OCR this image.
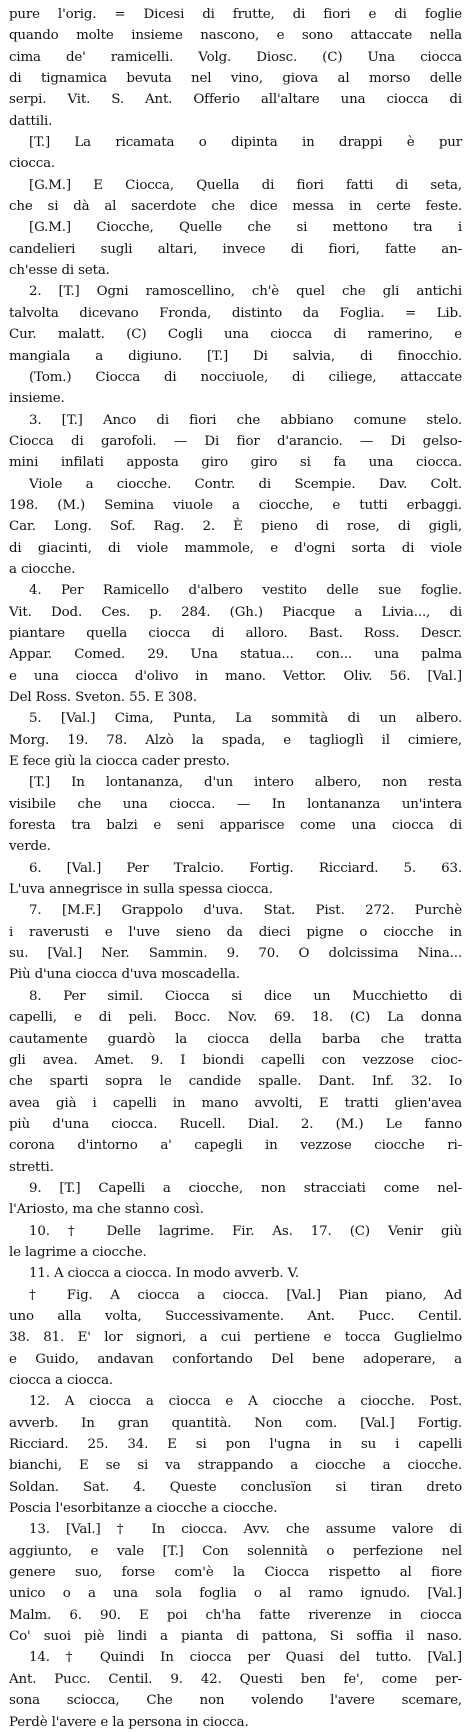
pure l'orig. = Dicesi di frutte, di fiori e di foglie
quando molte insieme nascono, e sono attaccate nella
cima de' ramicelli. Volg. Diosc. (C) Una ciocca
di tignamica bevuta nel vino, giova al morso delle
serpi. Vit. S. Ant. Offerio all'altare una ciocca di
dattili.
[T.] La ricamata o dipinta in drappi è pur
ciocca.
[G.M.] E Ciocca, Quella di fiori fatti di seta,
che si dà al sacerdote che dice messa in certe feste.
[G.M.] Ciocche, Quelle che si mettono tra i
candelieri sugli altari, invece di fiori, fatte an-
ch'esse di seta.
2. [T.] Ogni ramoscellino, ch'è quel che gli antichi
talvolta dicevano Fronda, distinto da Foglia. = Lib.
Cur. malatt. (C) Cogli una ciocca di ramerino, e
mangiala a digiuno. [T.] Di salvia, di finocchio.
(Tom.) Ciocca di nocciuole, di ciliege, attaccate
insieme.
3. [T.] Anco di fiori che abbiano comune stelo.
Ciocca di garofoli. — Di fior d'arancio. — Di gelso-
mini infilati apposta giro giro si fa una ciocca.
Viole a ciocche. Contr. di Scempie. Dav. Colt.
198. (M.) Semina viuole a ciocche, e tutti erbaggi.
Car. Long. Sof. Rag. 2. È pieno di rose, di gigli,
di giacinti, di viole mammole, e d'ogni sorta di viole
a ciocche.
4. Per Ramicello d'albero vestito delle sue foglie.
Vit. Dod. Ces. p. 284. (Gh.) Piacque a Livia..., di
piantare quella ciocca di alloro. Bast. Ross. Descr.
Appar. Comed. 29. Una statua... con... una palma
e una ciocca d'olivo in mano. Vettor. Oliv. 56. [Val.]
Del Ross. Sveton. 55. E 308.
5. [Val.] Cima, Punta, La sommità di un albero.
Morg. 19. 78. Alzò la spada, e taglioglì il cimiere,
E fece giù la ciocca cader presto.
[T.] In lontananza, d'un intero albero, non resta
visibile che una ciocca. — In lontananza un'intera
foresta tra balzi e seni apparisce come una ciocca di
verde.
6. [Val.] Per Tralcio. Fortig. Ricciard. 5. 63.
L'uva annegrisce in sulla spessa ciocca.
7. [M.F.] Grappolo d'uva. Stat. Pist. 272. Purchè
i raverusti e l'uve sieno da dieci pigne o ciocche in
su. [Val.] Ner. Sammin. 9. 70. O dolcissima Nina...
Più d'una ciocca d'uva moscadella.
8. Per simil. Ciocca si dice un Mucchietto di
capelli, e di peli. Bocc. Nov. 69. 18. (C) La donna
cautamente guardò la ciocca della barba che tratta
gli avea. Amet. 9. I biondi capelli con vezzose cioc-
che sparti sopra le candide spalle. Dant. Inf. 32. Io
avea già i capelli in mano avvolti, E tratti glien'avea
più d'una ciocca. Rucell. Dial. 2. (M.) Le fanno
corona d'intorno a' capegli in vezzose ciocche ri-
stretti.
9. [T.] Capelli a ciocche, non stracciati come nel-
l'Ariosto, ma che stanno così.
10. † Delle lagrime. Fir. As. 17. (C) Venir giù
le lagrime a ciocche.
11. A ciocca a ciocca. In modo avverb. V.
† Fig. A ciocca a ciocca. [Val.] Pian piano, Ad
uno alla volta, Successivamente. Ant. Pucc. Centil.
38. 81. E' lor signori, a cui pertiene e tocca Guglielmo
e Guido, andavan confortando Del bene adoperare, a
ciocca a ciocca.
12. A ciocca a ciocca e A ciocche a ciocche. Post.
avverb. In gran quantità. Non com. [Val.] Fortig.
Ricciard. 25. 34. E si pon l'ugna in su i capelli
bianchi, E se si va strappando a ciocche a ciocche.
Soldan. Sat. 4. Queste conclusïon si tiran dreto
Poscia l'esorbitanze a ciocche a ciocche.
13. [Val.] † In ciocca. Avv. che assume valore di
aggiunto, e vale [T.] Con solennità o perfezione nel
genere suo, forse com'è la Ciocca rispetto al fiore
unico o a una sola foglia o al ramo ignudo. [Val.]
Malm. 6. 90. E poi ch'ha fatte riverenze in ciocca
Co' suoi piè lindi a pianta di pattona, Si soffia il naso.
14. † Quindi In ciocca per Quasi del tutto. [Val.]
Ant. Pucc. Centil. 9. 42. Questi ben fe', come per-
sona sciocca, Che non volendo l'avere scemare,
Perdè l'avere e la persona in ciocca.
